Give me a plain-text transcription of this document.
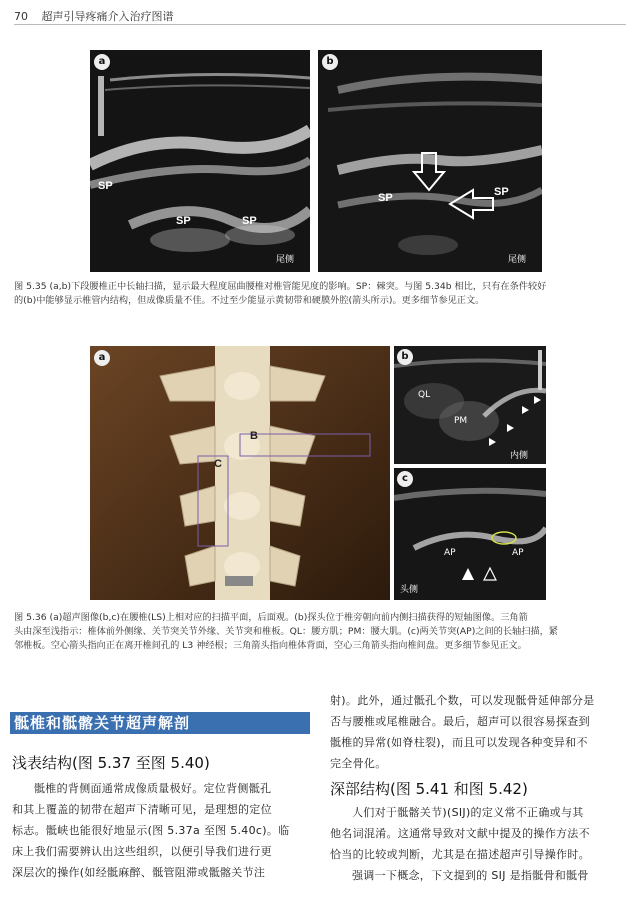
70 超声引导疼痛介入治疗图谱
a
SP
SP	SP
尾侧
b
SP	SP
尾侧
图 5.35 (a,b)下段腰椎正中长轴扫描，显示最大程度屈曲腰椎对椎管能见度的影响。SP：棘突。与图 5.34b 相比，只有在条件较好
的(b)中能够显示椎管内结构，但成像质量不佳。不过至少能显示黄韧带和硬膜外腔(箭头所示)。更多细节参见正文。
a
B
C
b
QL
PM
内侧
c
AP	AP
头侧
图 5.36 (a)超声图像(b,c)在腰椎(LS)上相对应的扫描平面，后面观。(b)探头位于椎旁朝向前内侧扫描获得的短轴图像。三角箭
头由深至浅指示：椎体前外侧缘、关节突关节外缘、关节突和椎板。QL：腰方肌；PM：腰大肌。(c)两关节突(AP)之间的长轴扫描，紧
邻椎板。空心箭头指向正在离开椎间孔的 L3 神经根；三角箭头指向椎体背面，空心三角箭头指向椎间盘。更多细节参见正文。
骶椎和骶髂关节超声解剖
浅表结构(图 5.37 至图 5.40)
骶椎的背侧面通常成像质量极好。定位背侧骶孔
和其上覆盖的韧带在超声下清晰可见，是理想的定位
标志。骶峡也能很好地显示(图 5.37a 至图 5.40c)。临
床上我们需要辨认出这些组织，以便引导我们进行更
深层次的操作(如经骶麻醉、骶管阻滞或骶髂关节注
射)。此外，通过骶孔个数，可以发现骶骨延伸部分是
否与腰椎或尾椎融合。最后，超声可以很容易探查到
骶椎的异常(如脊柱裂)，而且可以发现各种变异和不
完全骨化。
深部结构(图 5.41 和图 5.42)
人们对于骶髂关节)(SIJ)的定义常不正确或与其
他名词混淆。这通常导致对文献中提及的操作方法不
恰当的比较或判断，尤其是在描述超声引导操作时。
强调一下概念，下文提到的 SIJ 是指骶骨和骶骨
